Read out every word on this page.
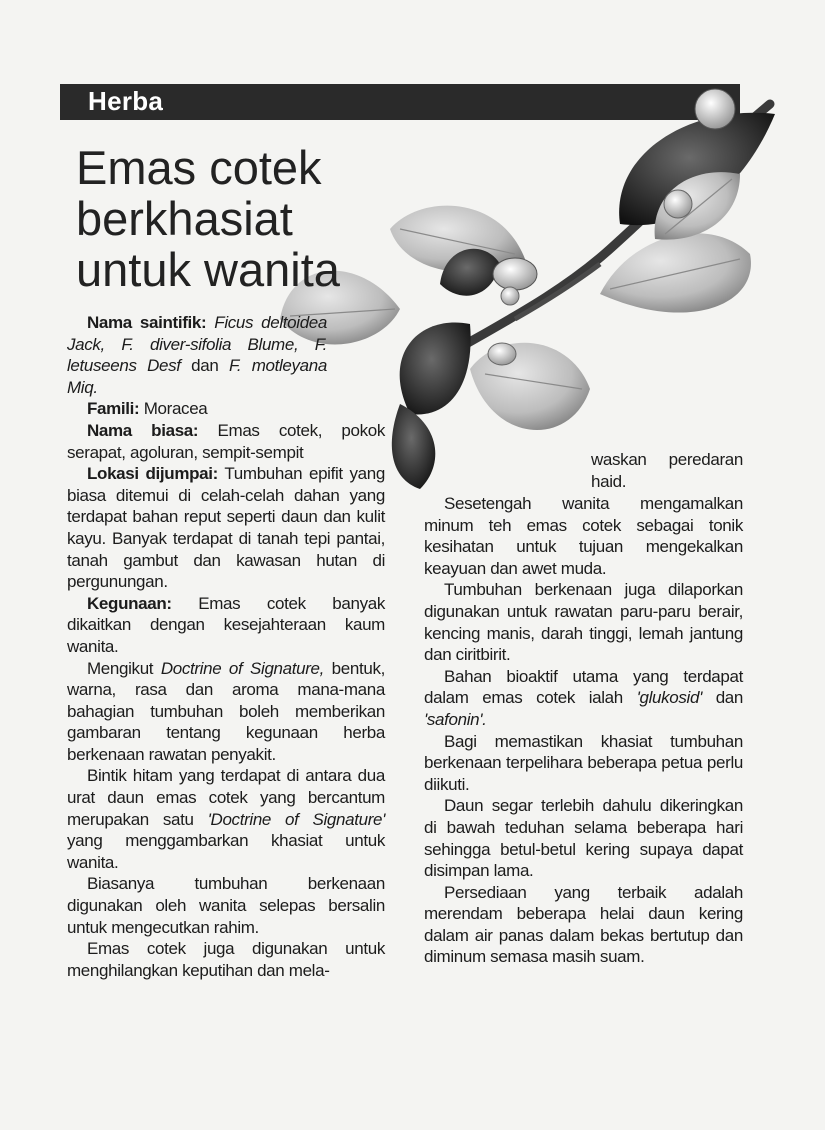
Herba
Emas cotek
berkhasiat
untuk wanita

Nama saintifik: Ficus deltoidea Jack, F. diver-sifolia Blume, F. letuseens Desf dan F. motleyana Miq.

Famili: Moracea

Nama biasa: Emas cotek, pokok serapat, agoluran, sempit-sempit

Lokasi dijumpai: Tumbuhan epifit yang biasa ditemui di celah-celah dahan yang terdapat bahan reput seperti daun dan kulit kayu. Banyak terdapat di tanah tepi pantai, tanah gambut dan kawasan hutan di pergunungan.

Kegunaan: Emas cotek banyak dikaitkan dengan kesejahteraan kaum wanita.

Mengikut Doctrine of Signature, bentuk, warna, rasa dan aroma mana-mana bahagian tumbuhan boleh memberikan gambaran tentang kegunaan herba berkenaan rawatan penyakit.

Bintik hitam yang terdapat di antara dua urat daun emas cotek yang bercantum merupakan satu 'Doctrine of Signature' yang menggambarkan khasiat untuk wanita.

Biasanya tumbuhan berkenaan digunakan oleh wanita selepas bersalin untuk mengecutkan rahim.

Emas cotek juga digunakan untuk menghilangkan keputihan dan mela-

waskan peredaran haid.

Sesetengah wanita mengamalkan minum teh emas cotek sebagai tonik kesihatan untuk tujuan mengekalkan keayuan dan awet muda.

Tumbuhan berkenaan juga dilaporkan digunakan untuk rawatan paru-paru berair, kencing manis, darah tinggi, lemah jantung dan ciritbirit.

Bahan bioaktif utama yang terdapat dalam emas cotek ialah 'glukosid' dan 'safonin'.

Bagi memastikan khasiat tumbuhan berkenaan terpelihara beberapa petua perlu diikuti.

Daun segar terlebih dahulu dikeringkan di bawah teduhan selama beberapa hari sehingga betul-betul kering supaya dapat disimpan lama.

Persediaan yang terbaik adalah merendam beberapa helai daun kering dalam air panas dalam bekas bertutup dan diminum semasa masih suam.
